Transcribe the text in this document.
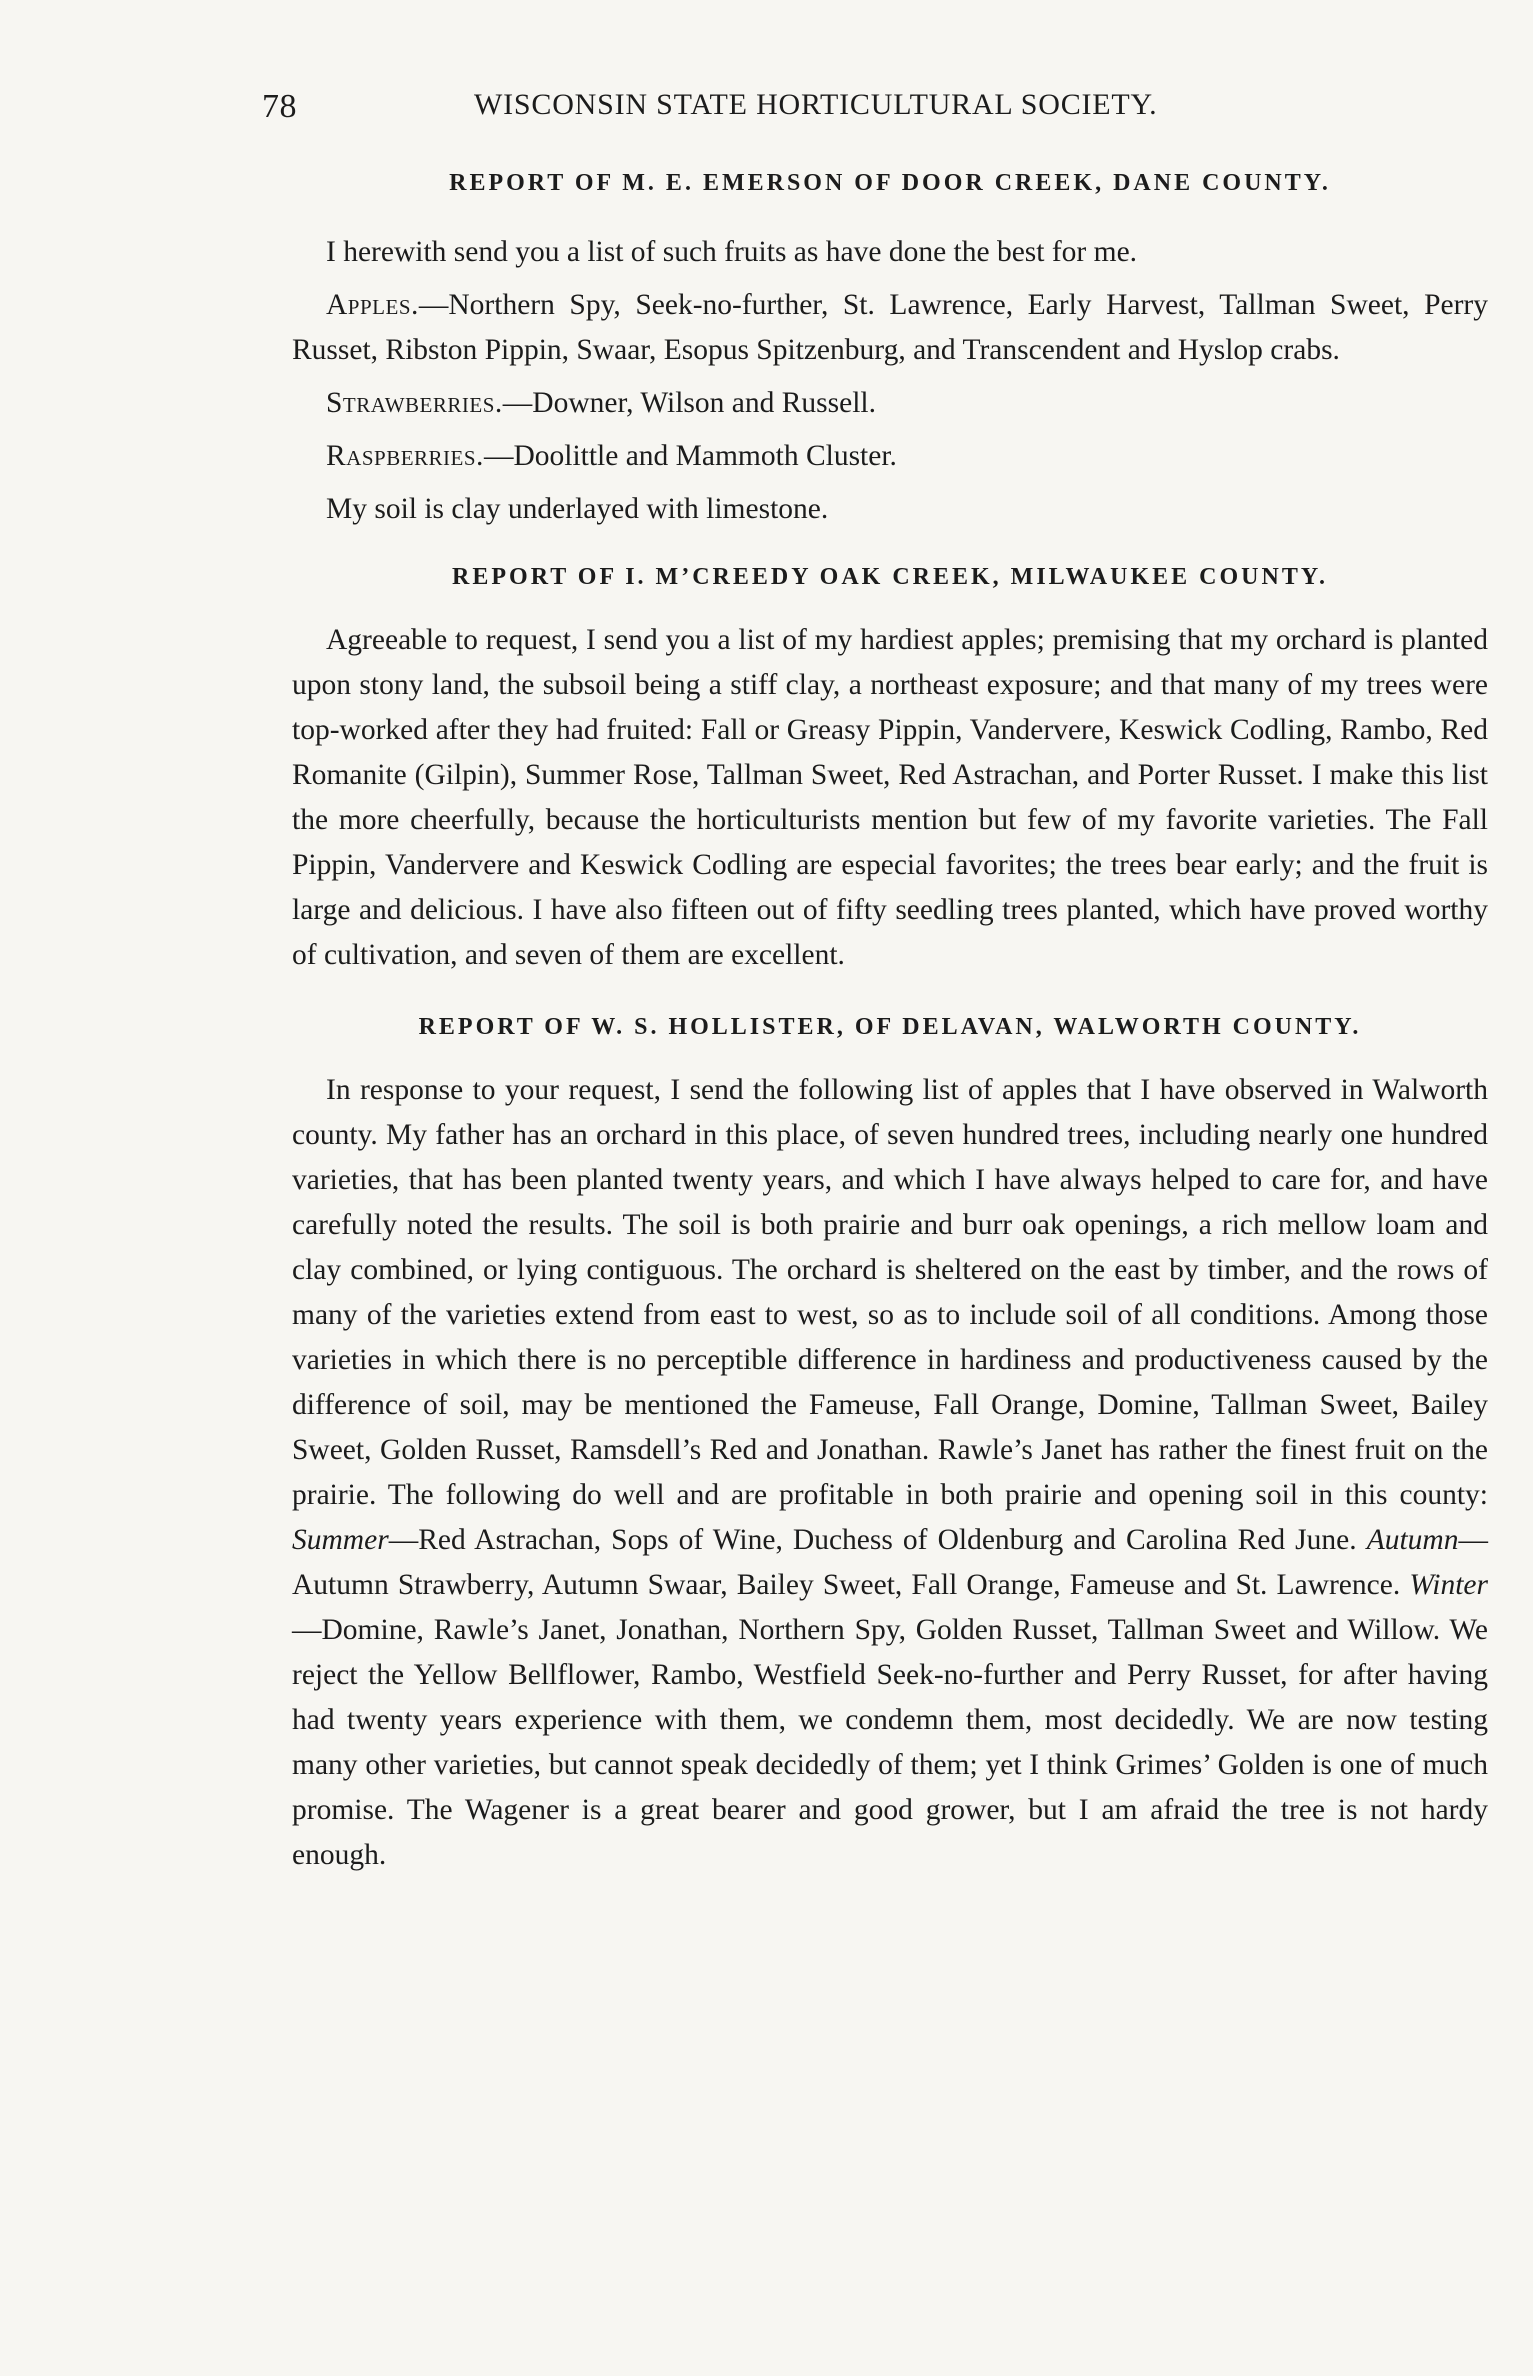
78	WISCONSIN STATE HORTICULTURAL SOCIETY.
REPORT OF M. E. EMERSON OF DOOR CREEK, DANE COUNTY.

I herewith send you a list of such fruits as have done the best for me.

Apples.—Northern Spy, Seek-no-further, St. Lawrence, Early Harvest, Tallman Sweet, Perry Russet, Ribston Pippin, Swaar, Esopus Spitzenburg, and Transcendent and Hyslop crabs.

Strawberries.—Downer, Wilson and Russell.

Raspberries.—Doolittle and Mammoth Cluster.

My soil is clay underlayed with limestone.

REPORT OF I. M’CREEDY OAK CREEK, MILWAUKEE COUNTY.

Agreeable to request, I send you a list of my hardiest apples; premising that my orchard is planted upon stony land, the subsoil being a stiff clay, a northeast exposure; and that many of my trees were top-worked after they had fruited: Fall or Greasy Pippin, Vandervere, Keswick Codling, Rambo, Red Romanite (Gilpin), Summer Rose, Tallman Sweet, Red Astrachan, and Porter Russet. I make this list the more cheerfully, because the horticulturists mention but few of my favorite varieties. The Fall Pippin, Vandervere and Keswick Codling are especial favorites; the trees bear early; and the fruit is large and delicious. I have also fifteen out of fifty seedling trees planted, which have proved worthy of cultivation, and seven of them are excellent.

REPORT OF W. S. HOLLISTER, OF DELAVAN, WALWORTH COUNTY.

In response to your request, I send the following list of apples that I have observed in Walworth county. My father has an orchard in this place, of seven hundred trees, including nearly one hundred varieties, that has been planted twenty years, and which I have always helped to care for, and have carefully noted the results. The soil is both prairie and burr oak openings, a rich mellow loam and clay combined, or lying contiguous. The orchard is sheltered on the east by timber, and the rows of many of the varieties extend from east to west, so as to include soil of all conditions. Among those varieties in which there is no perceptible difference in hardiness and productiveness caused by the difference of soil, may be mentioned the Fameuse, Fall Orange, Domine, Tallman Sweet, Bailey Sweet, Golden Russet, Ramsdell’s Red and Jonathan. Rawle’s Janet has rather the finest fruit on the prairie. The following do well and are profitable in both prairie and opening soil in this county: Summer—Red Astrachan, Sops of Wine, Duchess of Oldenburg and Carolina Red June. Autumn—Autumn Strawberry, Autumn Swaar, Bailey Sweet, Fall Orange, Fameuse and St. Lawrence. Winter—Domine, Rawle’s Janet, Jonathan, Northern Spy, Golden Russet, Tallman Sweet and Willow. We reject the Yellow Bellflower, Rambo, Westfield Seek-no-further and Perry Russet, for after having had twenty years experience with them, we condemn them, most decidedly. We are now testing many other varieties, but cannot speak decidedly of them; yet I think Grimes’ Golden is one of much promise. The Wagener is a great bearer and good grower, but I am afraid the tree is not hardy enough.
